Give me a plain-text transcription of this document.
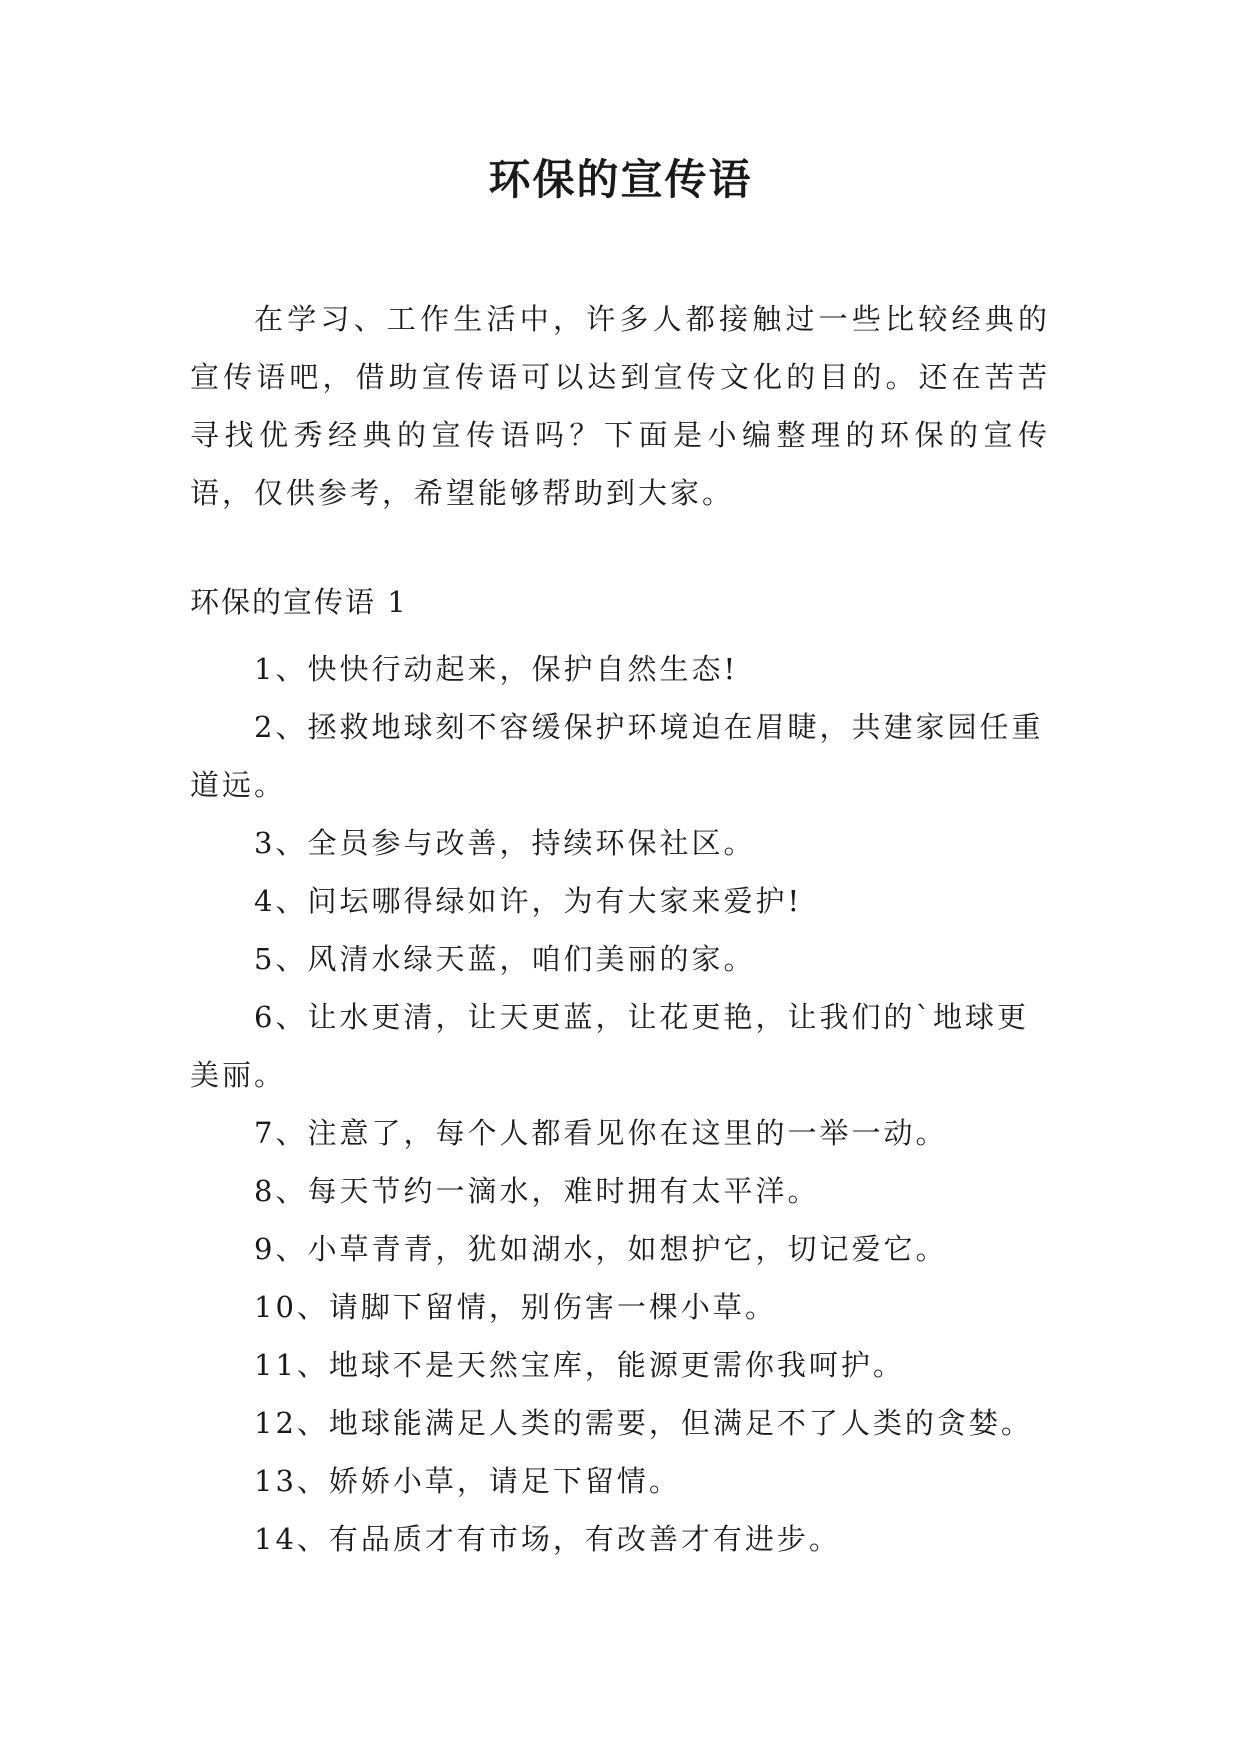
环保的宣传语

在学习、工作生活中，许多人都接触过一些比较经典的宣传语吧，借助宣传语可以达到宣传文化的目的。还在苦苦寻找优秀经典的宣传语吗？下面是小编整理的环保的宣传语，仅供参考，希望能够帮助到大家。

环保的宣传语 1

1、快快行动起来，保护自然生态!
2、拯救地球刻不容缓保护环境迫在眉睫，共建家园任重道远。
3、全员参与改善，持续环保社区。
4、问坛哪得绿如许，为有大家来爱护!
5、风清水绿天蓝，咱们美丽的家。
6、让水更清，让天更蓝，让花更艳，让我们的`地球更美丽。
7、注意了，每个人都看见你在这里的一举一动。
8、每天节约一滴水，难时拥有太平洋。
9、小草青青，犹如湖水，如想护它，切记爱它。
10、请脚下留情，别伤害一棵小草。
11、地球不是天然宝库，能源更需你我呵护。
12、地球能满足人类的需要，但满足不了人类的贪婪。
13、娇娇小草，请足下留情。
14、有品质才有市场，有改善才有进步。
